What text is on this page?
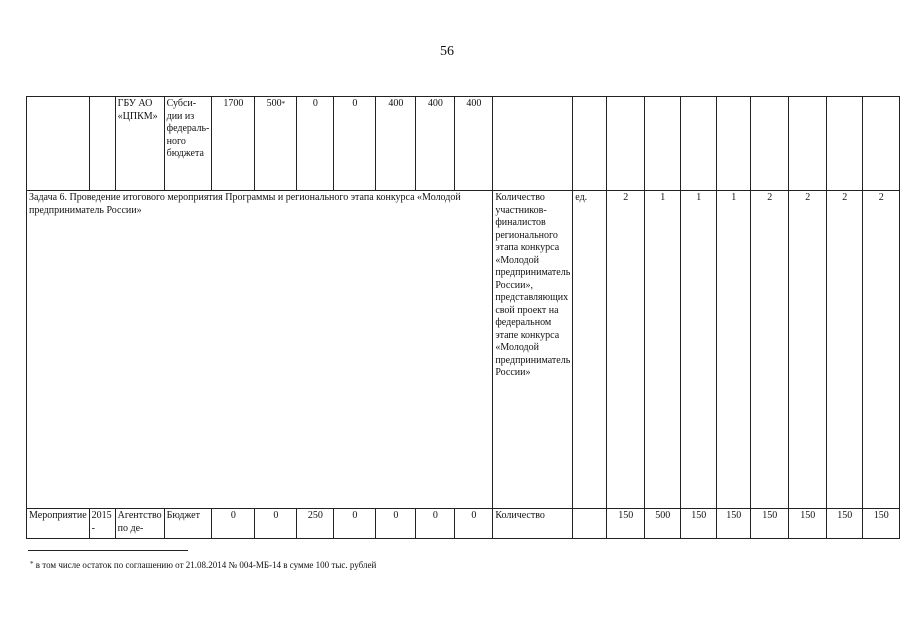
56
		ГБУ АО «ЦПКМ»	Субси-дии из федераль-ного бюджета	1700	500*	0	0	400	400	400										
Задача 6. Проведение итогового мероприятия Программы и регионального этапа конкурса «Молодой предприниматель России»											Количество участников-финалистов регионального этапа конкурса «Молодой предприниматель России», представляющих свой проект на федеральном этапе конкурса «Молодой предприниматель России»	ед.	2	1	1	1	2	2	2	2
Мероприятие	2015 -	Агентство по де-	Бюджет	0	0	250	0	0	0	0	Количество		150	500	150	150	150	150	150	150
* в том числе остаток по соглашению от 21.08.2014 № 004-МБ-14 в сумме 100 тыс. рублей
